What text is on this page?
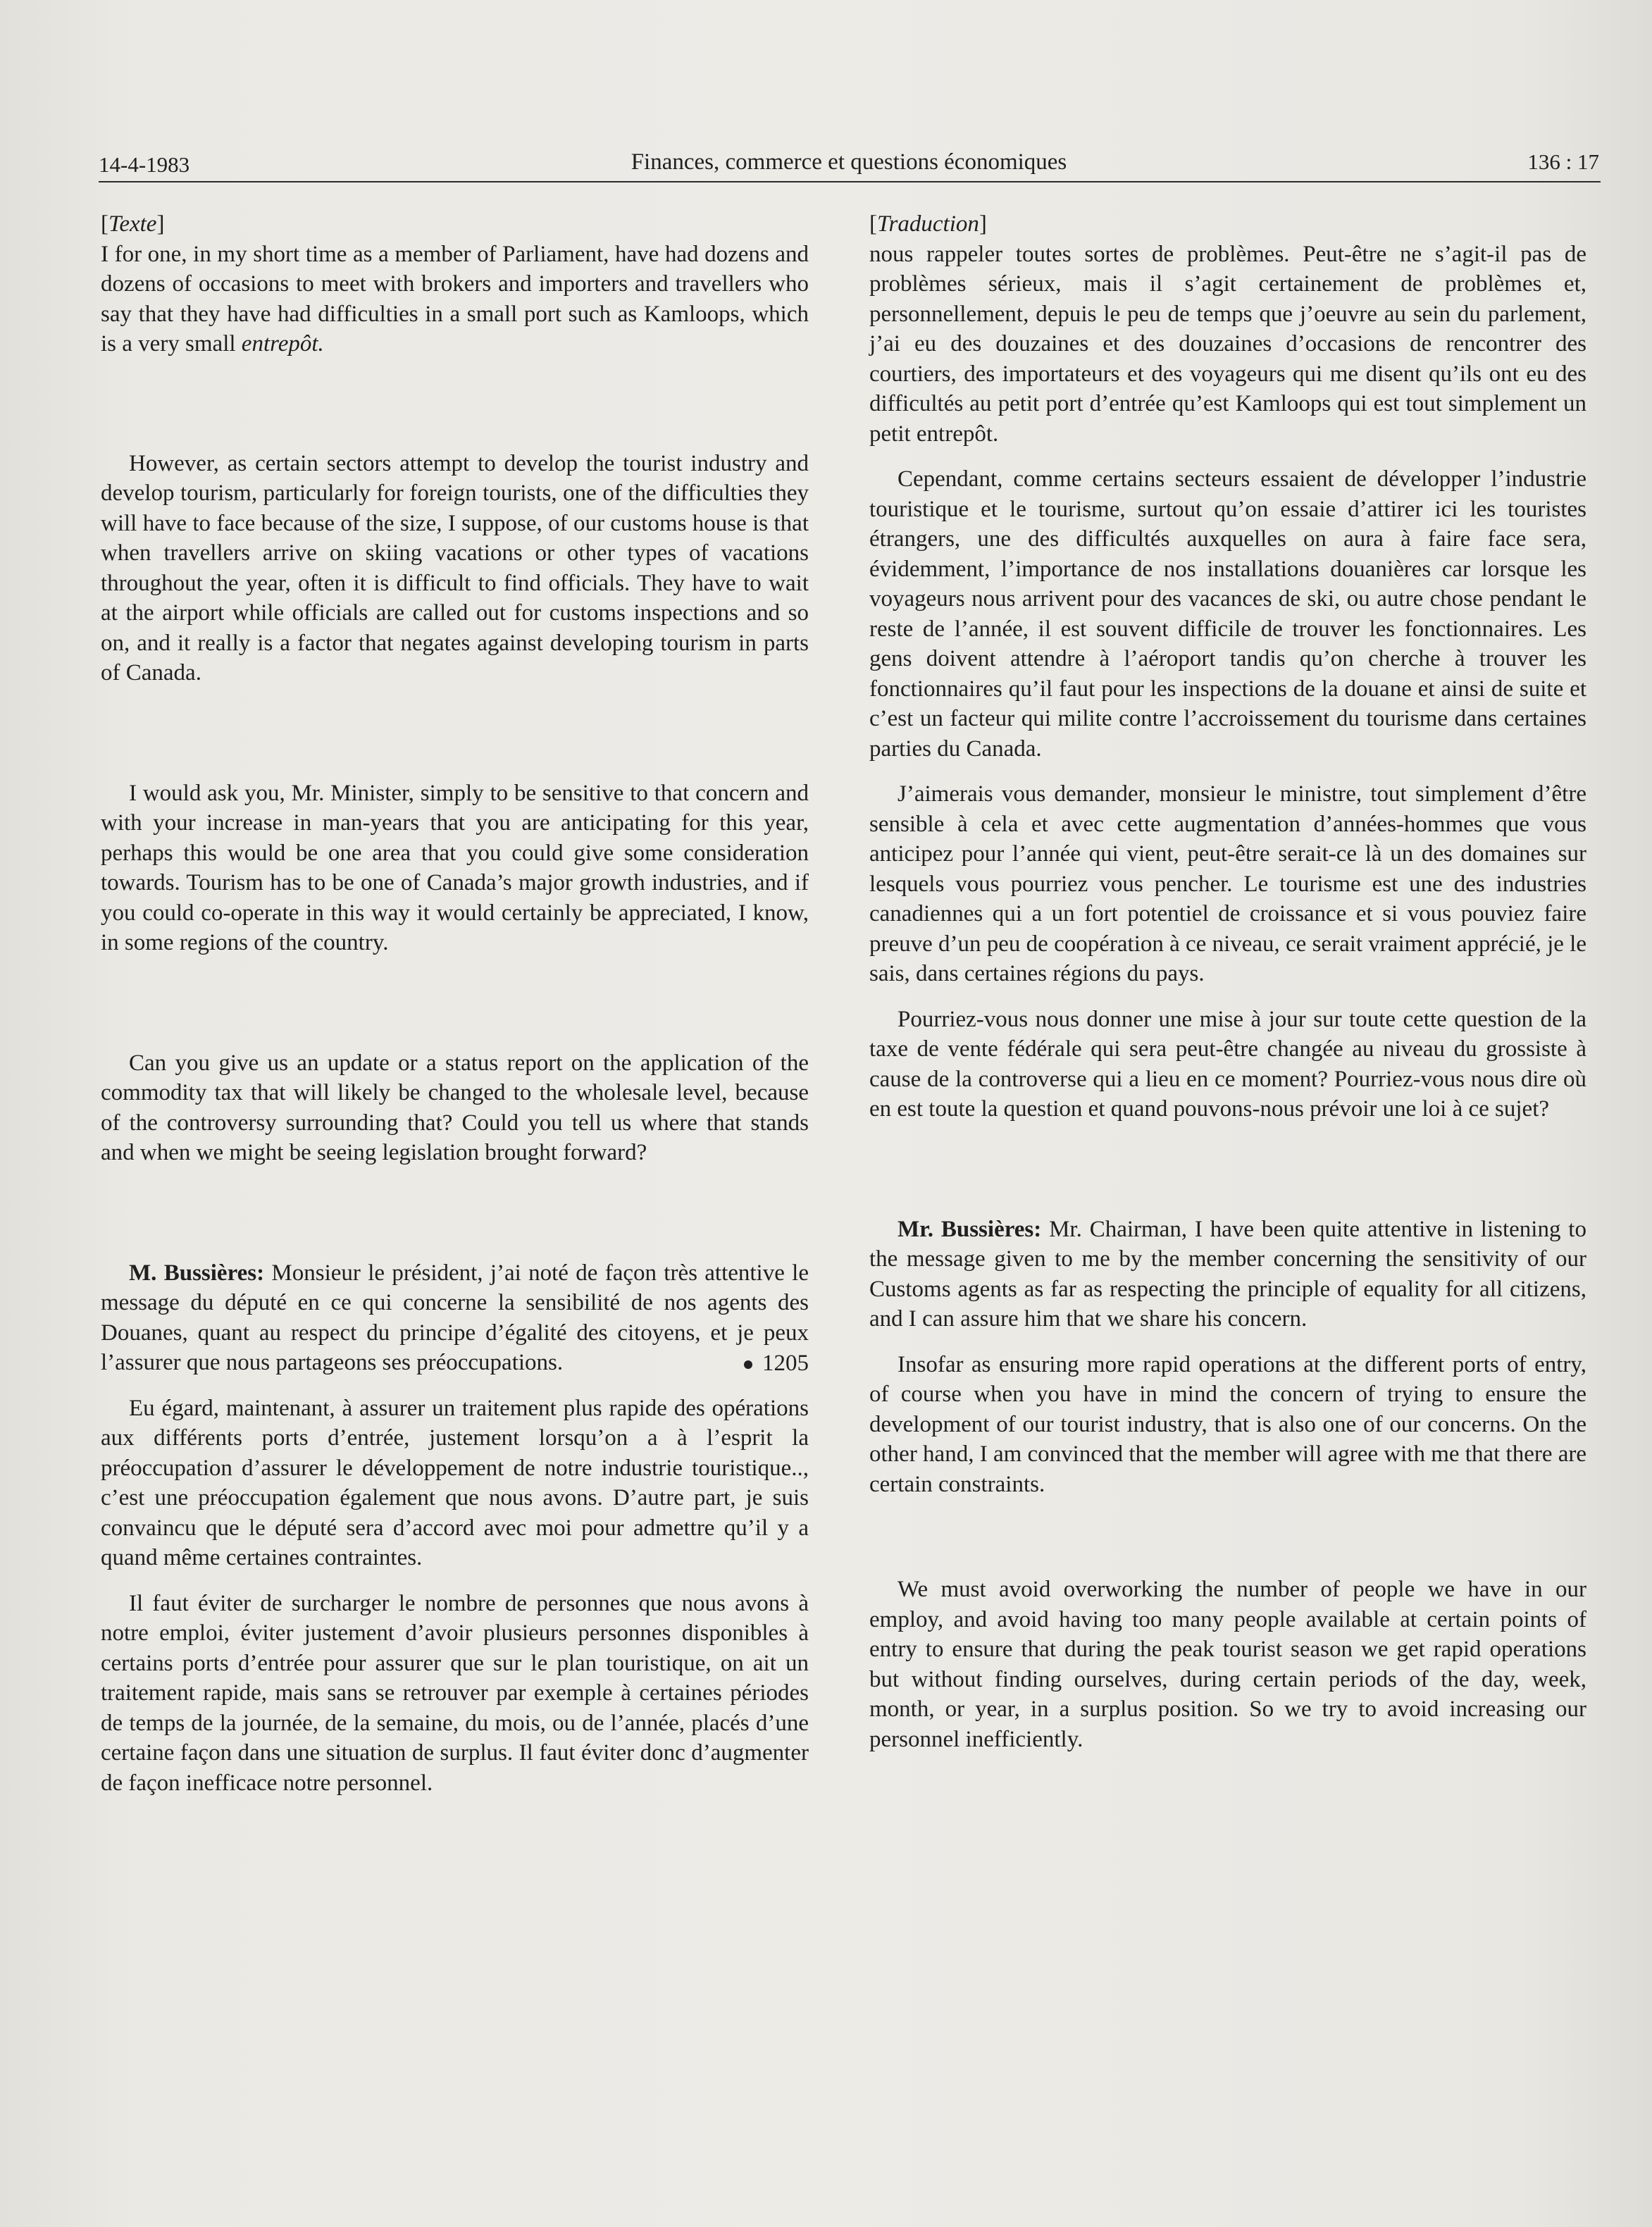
14-4-1983	Finances, commerce et questions économiques	136 : 17

[Texte]

I for one, in my short time as a member of Parliament, have had dozens and dozens of occasions to meet with brokers and importers and travellers who say that they have had difficulties in a small port such as Kamloops, which is a very small entrepôt.

However, as certain sectors attempt to develop the tourist industry and develop tourism, particularly for foreign tourists, one of the difficulties they will have to face because of the size, I suppose, of our customs house is that when travellers arrive on skiing vacations or other types of vacations throughout the year, often it is difficult to find officials. They have to wait at the airport while officials are called out for customs inspections and so on, and it really is a factor that negates against developing tourism in parts of Canada.

I would ask you, Mr. Minister, simply to be sensitive to that concern and with your increase in man-years that you are anticipating for this year, perhaps this would be one area that you could give some consideration towards. Tourism has to be one of Canada’s major growth industries, and if you could co-operate in this way it would certainly be appreciated, I know, in some regions of the country.

Can you give us an update or a status report on the application of the commodity tax that will likely be changed to the wholesale level, because of the controversy surrounding that? Could you tell us where that stands and when we might be seeing legislation brought forward?

M. Bussières: Monsieur le président, j’ai noté de façon très attentive le message du député en ce qui concerne la sensibilité de nos agents des Douanes, quant au respect du principe d’égalité des citoyens, et je peux l’assurer que nous partageons ses préoccupations.

Eu égard, maintenant, à assurer un traitement plus rapide des opérations aux différents ports d’entrée, justement lorsqu’on a à l’esprit la préoccupation d’assurer le développement de notre industrie touristique.., c’est une préoccupation également que nous avons. D’autre part, je suis convaincu que le député sera d’accord avec moi pour admettre qu’il y a quand même certaines contraintes.

Il faut éviter de surcharger le nombre de personnes que nous avons à notre emploi, éviter justement d’avoir plusieurs personnes disponibles à certains ports d’entrée pour assurer que sur le plan touristique, on ait un traitement rapide, mais sans se retrouver par exemple à certaines périodes de temps de la journée, de la semaine, du mois, ou de l’année, placés d’une certaine façon dans une situation de surplus. Il faut éviter donc d’augmenter de façon inefficace notre personnel.

1205

[Traduction]

nous rappeler toutes sortes de problèmes. Peut-être ne s’agit-il pas de problèmes sérieux, mais il s’agit certainement de problèmes et, personnellement, depuis le peu de temps que j’oeuvre au sein du parlement, j’ai eu des douzaines et des douzaines d’occasions de rencontrer des courtiers, des importateurs et des voyageurs qui me disent qu’ils ont eu des difficultés au petit port d’entrée qu’est Kamloops qui est tout simplement un petit entrepôt.

Cependant, comme certains secteurs essaient de développer l’industrie touristique et le tourisme, surtout qu’on essaie d’attirer ici les touristes étrangers, une des difficultés auxquelles on aura à faire face sera, évidemment, l’importance de nos installations douanières car lorsque les voyageurs nous arrivent pour des vacances de ski, ou autre chose pendant le reste de l’année, il est souvent difficile de trouver les fonctionnaires. Les gens doivent attendre à l’aéroport tandis qu’on cherche à trouver les fonctionnaires qu’il faut pour les inspections de la douane et ainsi de suite et c’est un facteur qui milite contre l’accroissement du tourisme dans certaines parties du Canada.

J’aimerais vous demander, monsieur le ministre, tout simplement d’être sensible à cela et avec cette augmentation d’années-hommes que vous anticipez pour l’année qui vient, peut-être serait-ce là un des domaines sur lesquels vous pourriez vous pencher. Le tourisme est une des industries canadiennes qui a un fort potentiel de croissance et si vous pouviez faire preuve d’un peu de coopération à ce niveau, ce serait vraiment apprécié, je le sais, dans certaines régions du pays.

Pourriez-vous nous donner une mise à jour sur toute cette question de la taxe de vente fédérale qui sera peut-être changée au niveau du grossiste à cause de la controverse qui a lieu en ce moment? Pourriez-vous nous dire où en est toute la question et quand pouvons-nous prévoir une loi à ce sujet?

Mr. Bussières: Mr. Chairman, I have been quite attentive in listening to the message given to me by the member concerning the sensitivity of our Customs agents as far as respecting the principle of equality for all citizens, and I can assure him that we share his concern.

Insofar as ensuring more rapid operations at the different ports of entry, of course when you have in mind the concern of trying to ensure the development of our tourist industry, that is also one of our concerns. On the other hand, I am convinced that the member will agree with me that there are certain constraints.

We must avoid overworking the number of people we have in our employ, and avoid having too many people available at certain points of entry to ensure that during the peak tourist season we get rapid operations but without finding ourselves, during certain periods of the day, week, month, or year, in a surplus position. So we try to avoid increasing our personnel inefficiently.
